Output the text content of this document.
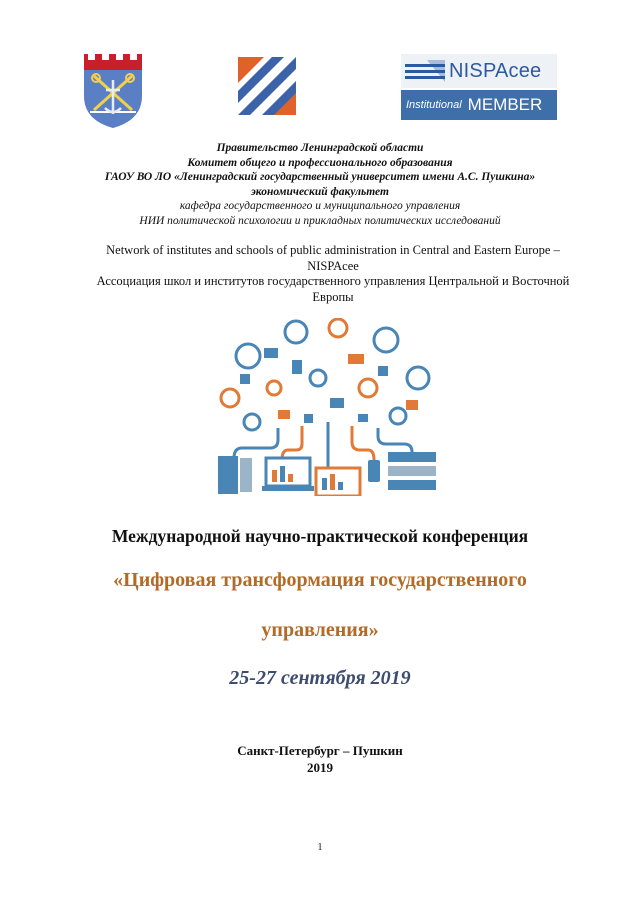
NISPAcee
Institutional MEMBER
Правительство Ленинградской области
Комитет общего и профессионального образования
ГАОУ ВО ЛО «Ленинградский государственный университет имени А.С. Пушкина»
экономический факультет
кафедра государственного и муниципального управления
НИИ политической психологии и прикладных политических исследований
Network of institutes and schools of public administration in Central and Eastern Europe –
NISPAcee
Ассоциация школ и институтов государственного управления Центральной и Восточной
Европы
Международной научно-практической конференция
«Цифровая трансформация государственного
управления»
25-27 сентября 2019
Санкт-Петербург – Пушкин
2019
1
